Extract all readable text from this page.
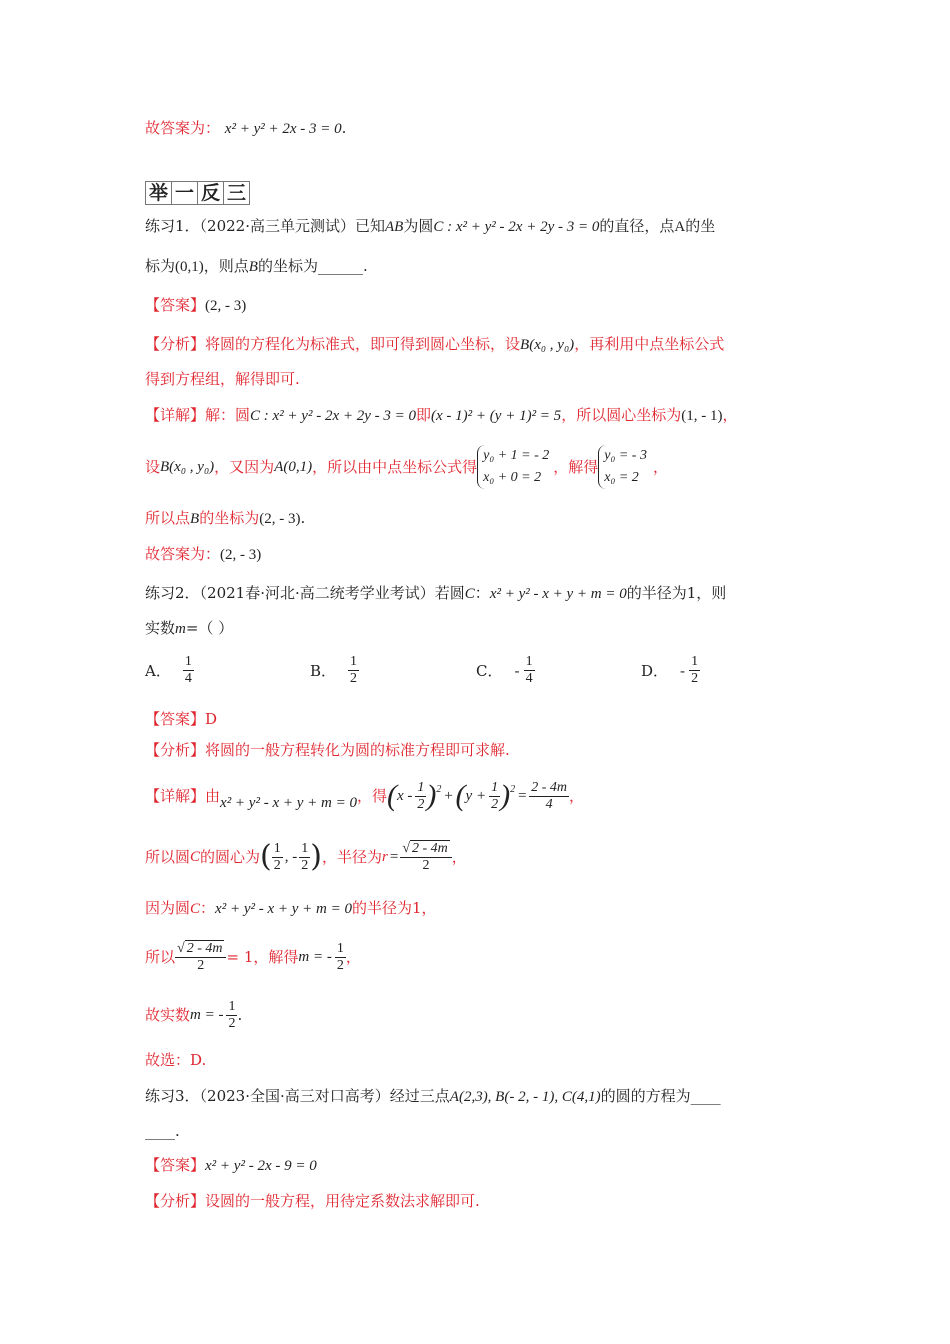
故答案为： x² + y² + 2x - 3 = 0.
举 一 反 三
练习1．（2022·高三单元测试）已知AB为圆C : x² + y² - 2x + 2y - 3 = 0的直径，点A的坐
标为(0,1)，则点B的坐标为______.
【答案】(2, - 3)
【分析】将圆的方程化为标准式，即可得到圆心坐标，设B(x₀ , y₀)，再利用中点坐标公式
得到方程组，解得即可.
【详解】解：圆C : x² + y² - 2x + 2y - 3 = 0即(x - 1)² + (y + 1)² = 5，所以圆心坐标为(1, - 1)，
设 B(x₀ , y₀) ，又因为 A(0,1) ，所以由中点坐标公式得
y₀ + 1 = - 2
x₀ + 0 = 2
，解得
y₀ = - 3
x₀ = 2
，
所以点B的坐标为(2, - 3).
故答案为：(2, - 3)
练习2．（2021春·河北·高二统考学业考试）若圆C：x² + y² - x + y + m = 0的半径为1，则
实数m=（ ）
A． $\frac{1}{4}$	B． $\frac{1}{2}$	C． - $\frac{1}{4}$	D． - $\frac{1}{2}$
【答案】D
【分析】将圆的一般方程转化为圆的标准方程即可求解.
【详解】 由 x² + y² - x + y + m = 0 ，得 ( x - $\frac{1}{2} )^2$ + ( $y + \frac{1}{2} )^2 = \frac{2 - 4m}{4}$ ，
所以圆 C 的圆心为 ( $\frac{1}{2}$ , - $\frac{1}{2}$ ) ，半径为 $r = \frac{√ 2 - 4m}{2}$ ，
因为圆C：x² + y² - x + y + m = 0的半径为1，
所以 $\frac{√ 2 - 4m}{2} = 1$，解得 m = - $\frac{1}{2}$ ，
故实数 m = - $\frac{1}{2}$ .
故选：D.
练习3．（2023·全国·高三对口高考）经过三点A(2,3), B(- 2, - 1), C(4,1)的圆的方程为____
____.
【答案】x² + y² - 2x - 9 = 0
【分析】设圆的一般方程，用待定系数法求解即可.
